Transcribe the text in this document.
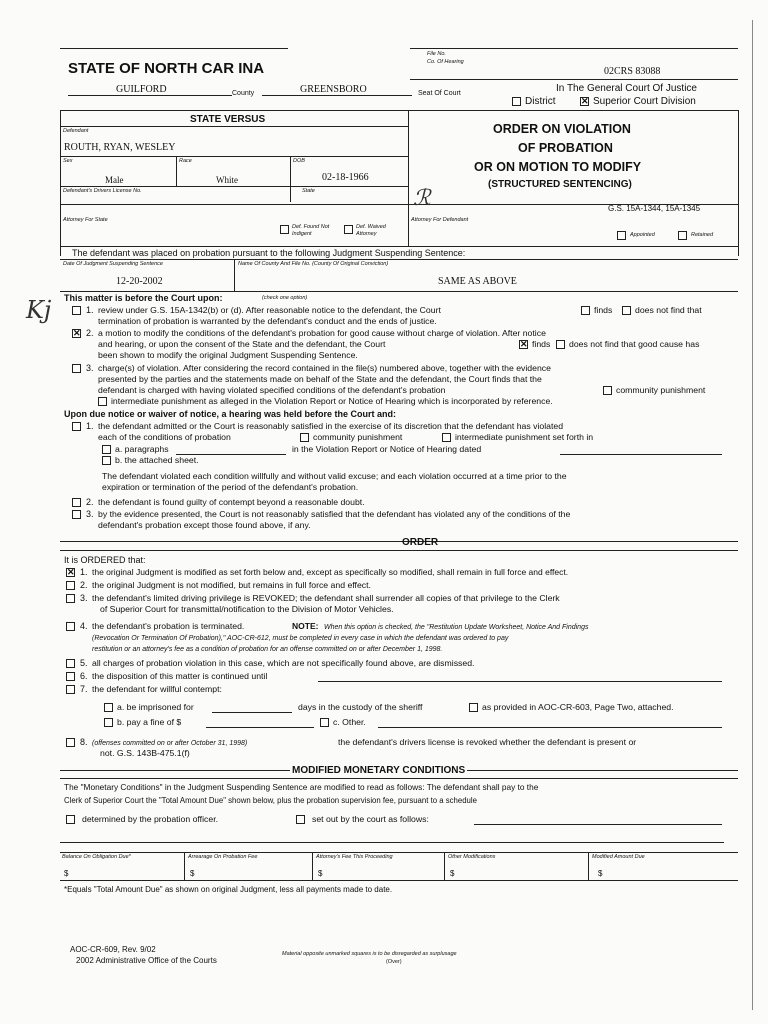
STATE OF NORTH CAR INA
File No.
Co. Of Hearing
02CRS 83088
GUILFORD	County	GREENSBORO	Seat Of Court	In The General Court Of Justice
District ✕	Superior Court Division
STATE VERSUS
Defendant
ROUTH, RYAN, WESLEY
Sex
Male
Race
White
DOB
02-18-1966
Defendant's Drivers License No.	State
Attorney For State
Def. Found Not Indigent
Def. Waived Attorney
Attorney For Defendant
Appointed	Retained
ORDER ON VIOLATION
OF PROBATION
OR ON MOTION TO MODIFY
(STRUCTURED SENTENCING)
G.S. 15A-1344, 15A-1345
ℛ
The defendant was placed on probation pursuant to the following Judgment Suspending Sentence:
Date Of Judgment Suspending Sentence
12-20-2002
Name Of County And File No. (County Of Original Conviction)
SAME AS ABOVE
Kj This matter is before the Court upon:	(check one option)
1. review under G.S. 15A-1342(b) or (d). After reasonable notice to the defendant, the Court	finds	does not find that
termination of probation is warranted by the defendant's conduct and the ends of justice.
✕
2. a motion to modify the conditions of the defendant's probation for good cause without charge of violation. After notice
and hearing, or upon the consent of the State and the defendant, the Court ✕	finds does not find that good cause has
been shown to modify the original Judgment Suspending Sentence.
3. charge(s) of violation. After considering the record contained in the file(s) numbered above, together with the evidence
presented by the parties and the statements made on behalf of the State and the defendant, the Court finds that the
defendant is charged with having violated specified conditions of the defendant's probation	community punishment
intermediate punishment as alleged in the Violation Report or Notice of Hearing which is incorporated by reference.
Upon due notice or waiver of notice, a hearing was held before the Court and:
1. the defendant admitted or the Court is reasonably satisfied in the exercise of its discretion that the defendant has violated
each of the conditions of probation	community punishment	intermediate punishment set forth in
a. paragraphs	in the Violation Report or Notice of Hearing dated
b. the attached sheet.
The defendant violated each condition willfully and without valid excuse; and each violation occurred at a time prior to the
expiration or termination of the period of the defendant's probation.
2. the defendant is found guilty of contempt beyond a reasonable doubt.
3. by the evidence presented, the Court is not reasonably satisfied that the defendant has violated any of the conditions of the
defendant's probation except those found above, if any.
ORDER
It is ORDERED that:
✕
1. the original Judgment is modified as set forth below and, except as specifically so modified, shall remain in full force and effect.
2. the original Judgment is not modified, but remains in full force and effect.
3. the defendant's limited driving privilege is REVOKED; the defendant shall surrender all copies of that privilege to the Clerk
of Superior Court for transmittal/notification to the Division of Motor Vehicles.
4. the defendant's probation is terminated.	NOTE: When this option is checked, the "Restitution Update Worksheet, Notice And Findings
(Revocation Or Termination Of Probation)," AOC-CR-612, must be completed in every case in which the defendant was ordered to pay
restitution or an attorney's fee as a condition of probation for an offense committed on or after December 1, 1998.
5. all charges of probation violation in this case, which are not specifically found above, are dismissed.
6. the disposition of this matter is continued until
7. the defendant for willful contempt:
a. be imprisoned for	days in the custody of the sheriff	as provided in AOC-CR-603, Page Two, attached.
b. pay a fine of $	c. Other.
8. (offenses committed on or after October 31, 1998)	the defendant's drivers license is revoked whether the defendant is present or
not. G.S. 143B-475.1(f)
MODIFIED MONETARY CONDITIONS
The "Monetary Conditions" in the Judgment Suspending Sentence are modified to read as follows: The defendant shall pay to the
Clerk of Superior Court the "Total Amount Due" shown below, plus the probation supervision fee, pursuant to a schedule
determined by the probation officer.	set out by the court as follows:
Balance On Obligation Due*	Arrearage On Probation Fee	Attorney's Fee This Proceeding	Other Modifications	Modified Amount Due
$	$	$	$	$
*Equals "Total Amount Due" as shown on original Judgment, less all payments made to date.
AOC-CR-609, Rev. 9/02
2002 Administrative Office of the Courts
Material opposite unmarked squares is to be disregarded as surplusage
(Over)
